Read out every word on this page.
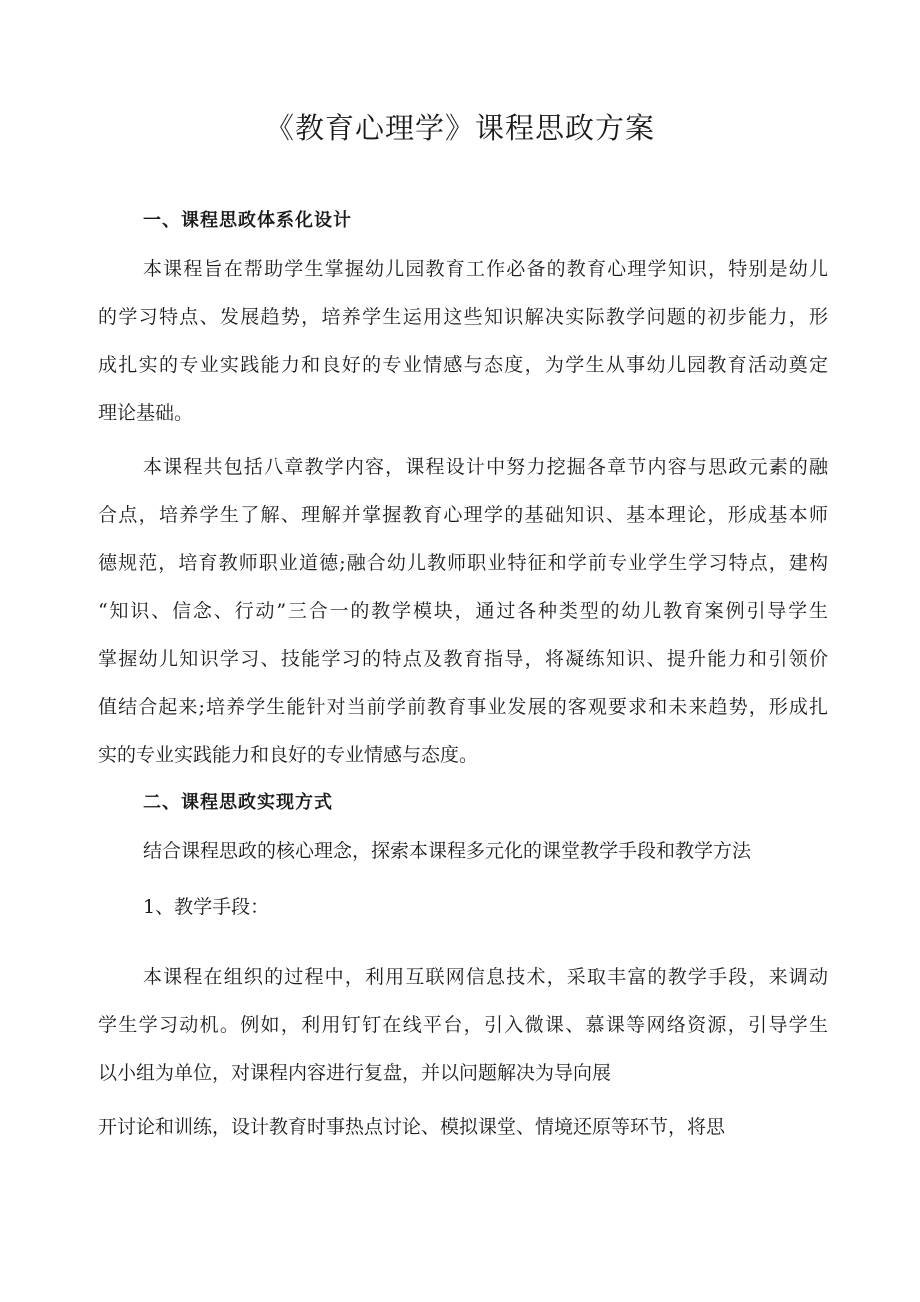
《教育心理学》课程思政方案
一、课程思政体系化设计

本课程旨在帮助学生掌握幼儿园教育工作必备的教育心理学知识，特别是幼儿

的学习特点、发展趋势，培养学生运用这些知识解决实际教学问题的初步能力，形

成扎实的专业实践能力和良好的专业情感与态度，为学生从事幼儿园教育活动奠定

理论基础。

本课程共包括八章教学内容，课程设计中努力挖掘各章节内容与思政元素的融

合点，培养学生了解、理解并掌握教育心理学的基础知识、基本理论，形成基本师

德规范，培育教师职业道德;融合幼儿教师职业特征和学前专业学生学习特点，建构

“知识、信念、行动”三合一的教学模块，通过各种类型的幼儿教育案例引导学生

掌握幼儿知识学习、技能学习的特点及教育指导，将凝练知识、提升能力和引领价

值结合起来;培养学生能针对当前学前教育事业发展的客观要求和未来趋势，形成扎

实的专业实践能力和良好的专业情感与态度。

二、课程思政实现方式

结合课程思政的核心理念，探索本课程多元化的课堂教学手段和教学方法

1、教学手段：

本课程在组织的过程中，利用互联网信息技术，采取丰富的教学手段，来调动

学生学习动机。例如，利用钉钉在线平台，引入微课、慕课等网络资源，引导学生

以小组为单位，对课程内容进行复盘，并以问题解决为导向展

开讨论和训练，设计教育时事热点讨论、模拟课堂、情境还原等环节，将思
